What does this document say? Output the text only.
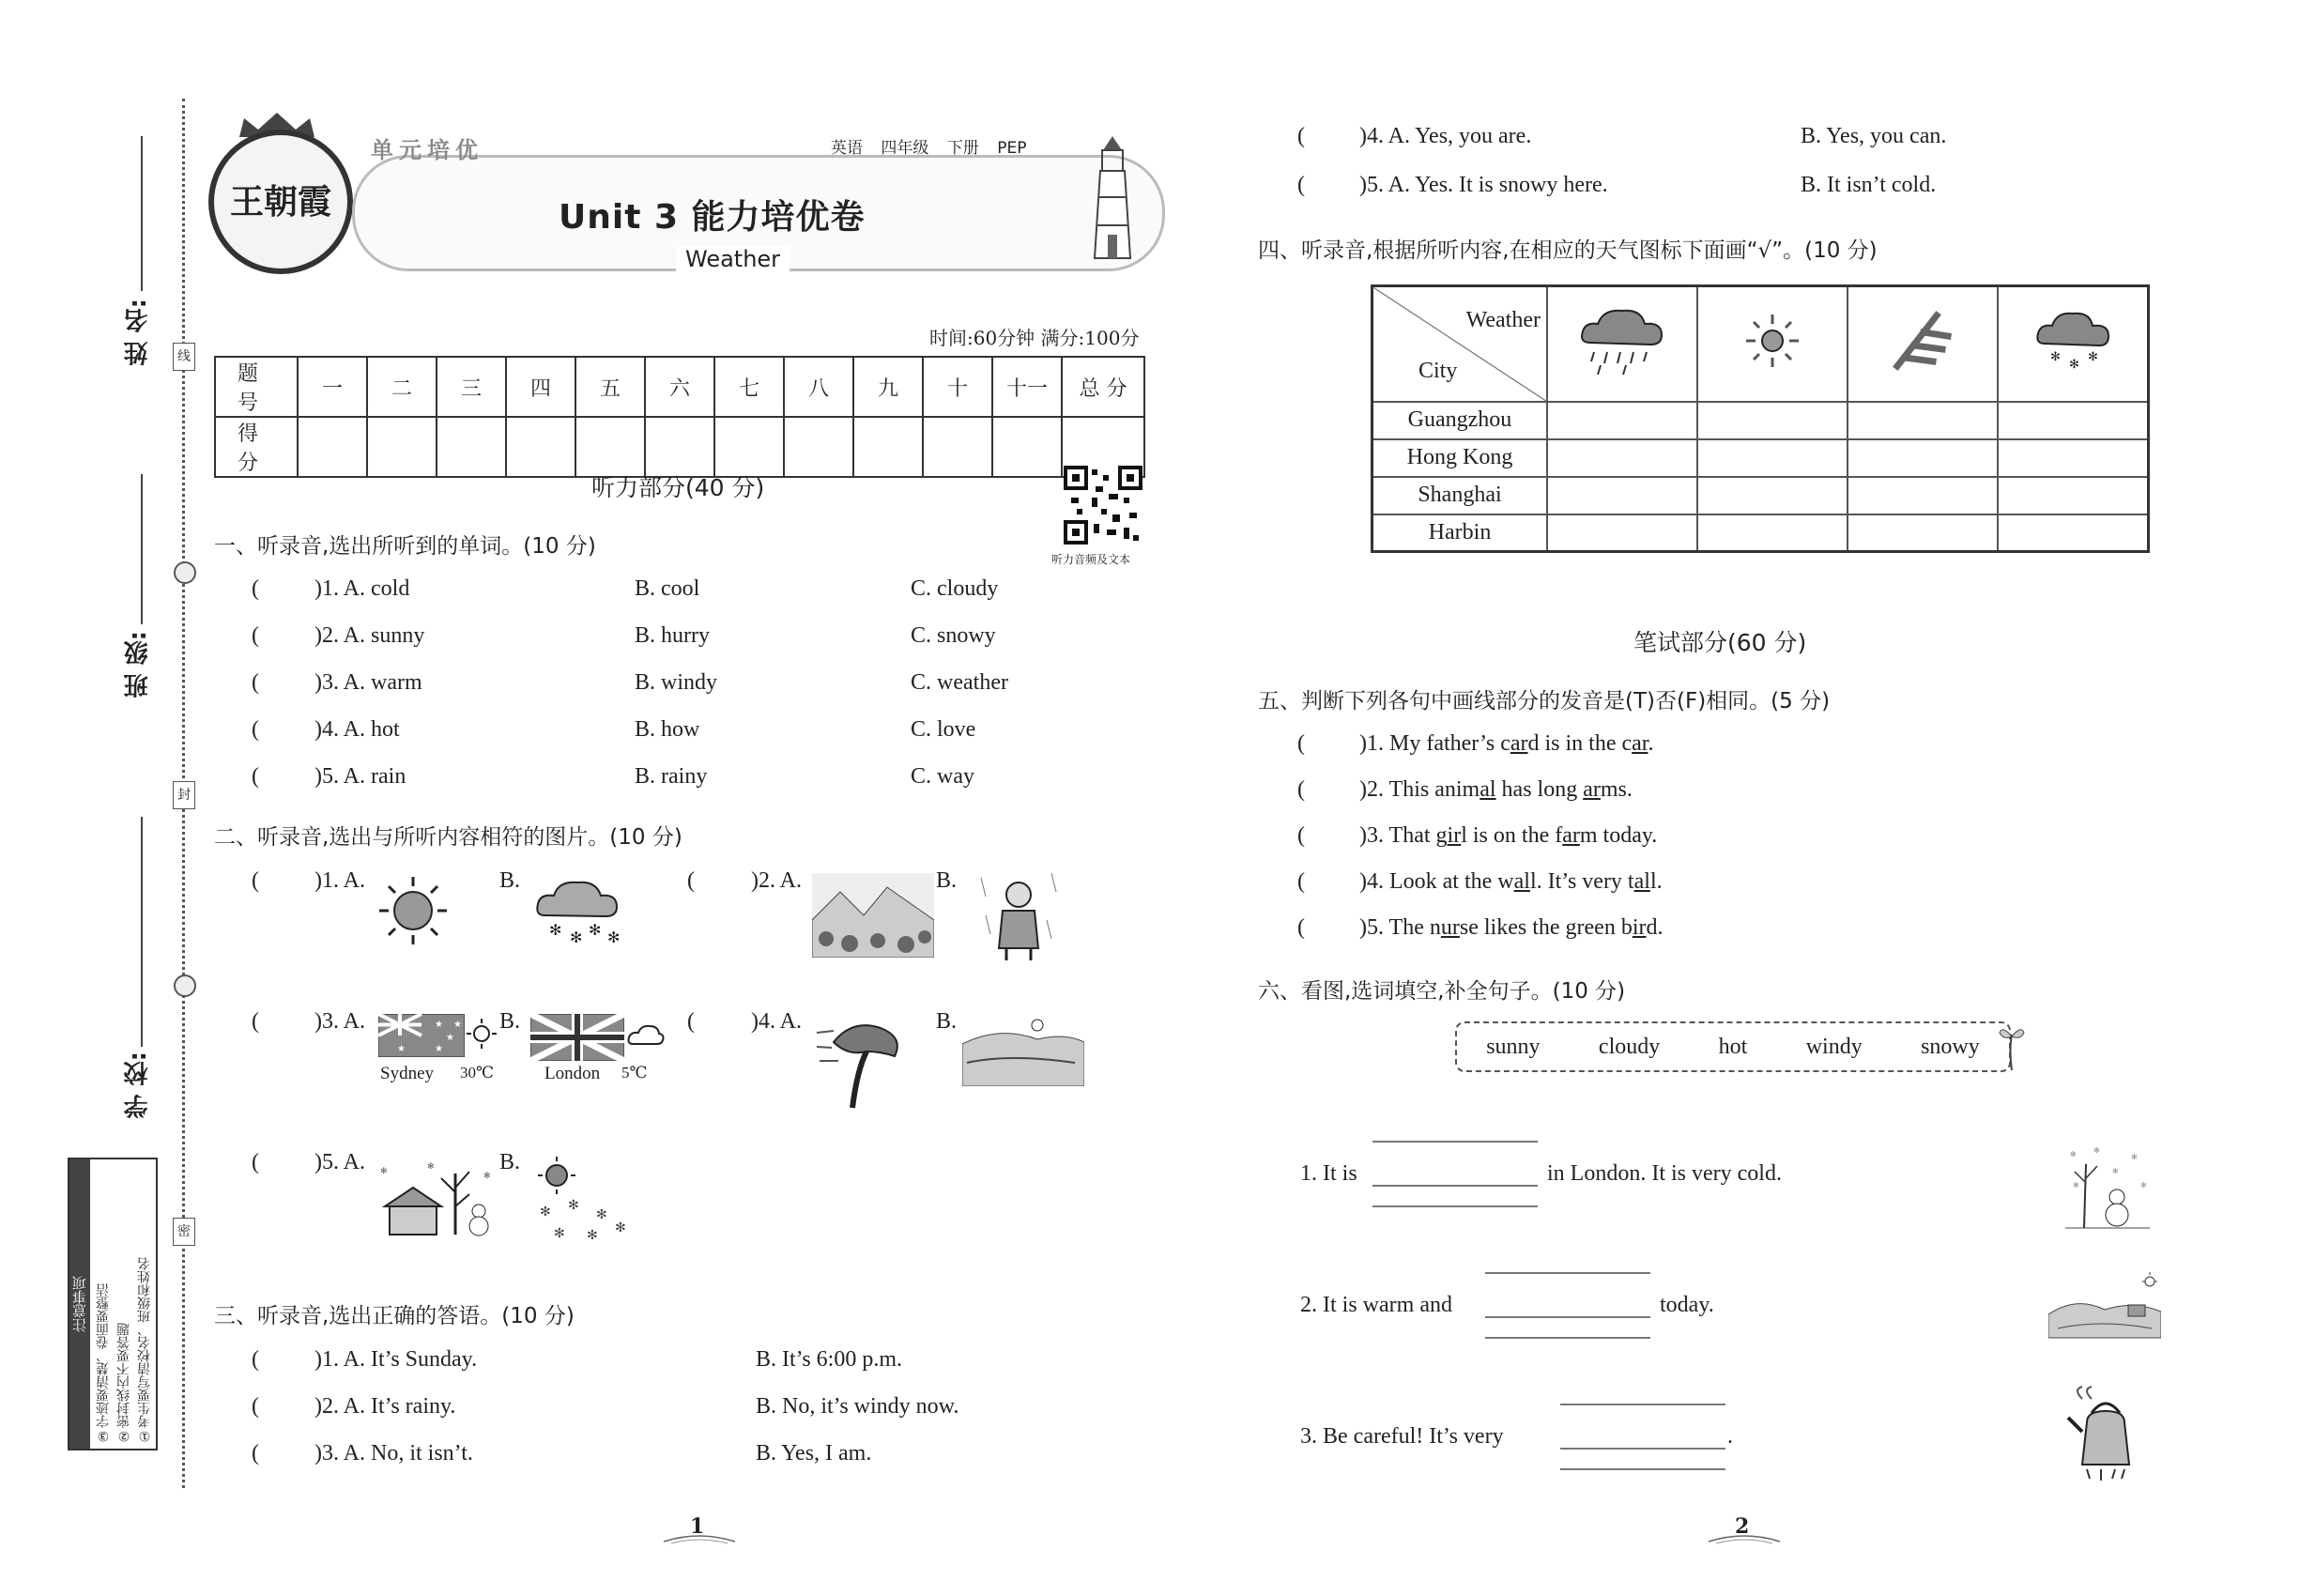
线
封
密
姓 名:
班 级:
学 校:
注意事项	①考生要写清校名、班级和姓名
②密封线内不要答题
③字迹要清楚、卷面要整洁
王朝霞
单元培优	英语 四年级 下册 PEP
Unit 3 能力培优卷
Weather
时间:60分钟 满分:100分
题 号	一	二	三	四	五	六	七	八	九	十	十一	总 分
得 分												
听力部分(40 分)
听力音频及文本
一、听录音,选出所听到的单词。(10 分)
( )1. A. cold	B. cool	C. cloudy
( )2. A. sunny	B. hurry	C. snowy
( )3. A. warm	B. windy	C. weather
( )4. A. hot	B. how	C. love
( )5. A. rain	B. rainy	C. way
二、听录音,选出与所听内容相符的图片。(10 分)
( )1. A.	B.
✻ ✻ ✻ ✻
(	)2. A.	B.
( )3. A.	★
★
★
★
★
Sydney 30℃
B.
London 5℃
(	)4. A.	B.
( )5. A. ✻	✻
✻
B.
✻ ✻
✻
✻ ✻ ✻
三、听录音,选出正确的答语。(10 分)
( )1. A. It’s Sunday.	B. It’s 6:00 p.m.
( )2. A. It’s rainy.	B. No, it’s windy now.
( )3. A. No, it isn’t.	B. Yes, I am.
( )4. A. Yes, you are.	B. Yes, you can.
( )5. A. Yes. It is snowy here.	B. It isn’t cold.
四、听录音,根据所听内容,在相应的天气图标下面画“√”。(10 分)
Weather
City				✻
✻
✻

Guangzhou				
Hong Kong				
Shanghai				
Harbin				
笔试部分(60 分)
五、判断下列各句中画线部分的发音是(T)否(F)相同。(5 分)
( )1. My father’s card is in the car.
( )2. This animal has long arms.
( )3. That girl is on the farm today.
( )4. Look at the wall. It’s very tall.
( )5. The nurse likes the green bird.
六、看图,选词填空,补全句子。(10 分)
sunny	cloudy	hot	windy	snowy
1. It is	in London. It is very cold.
✻ ✻
✻
✻
✻	✻
2. It is warm and	today.
3. Be careful! It’s very	.
1	2
